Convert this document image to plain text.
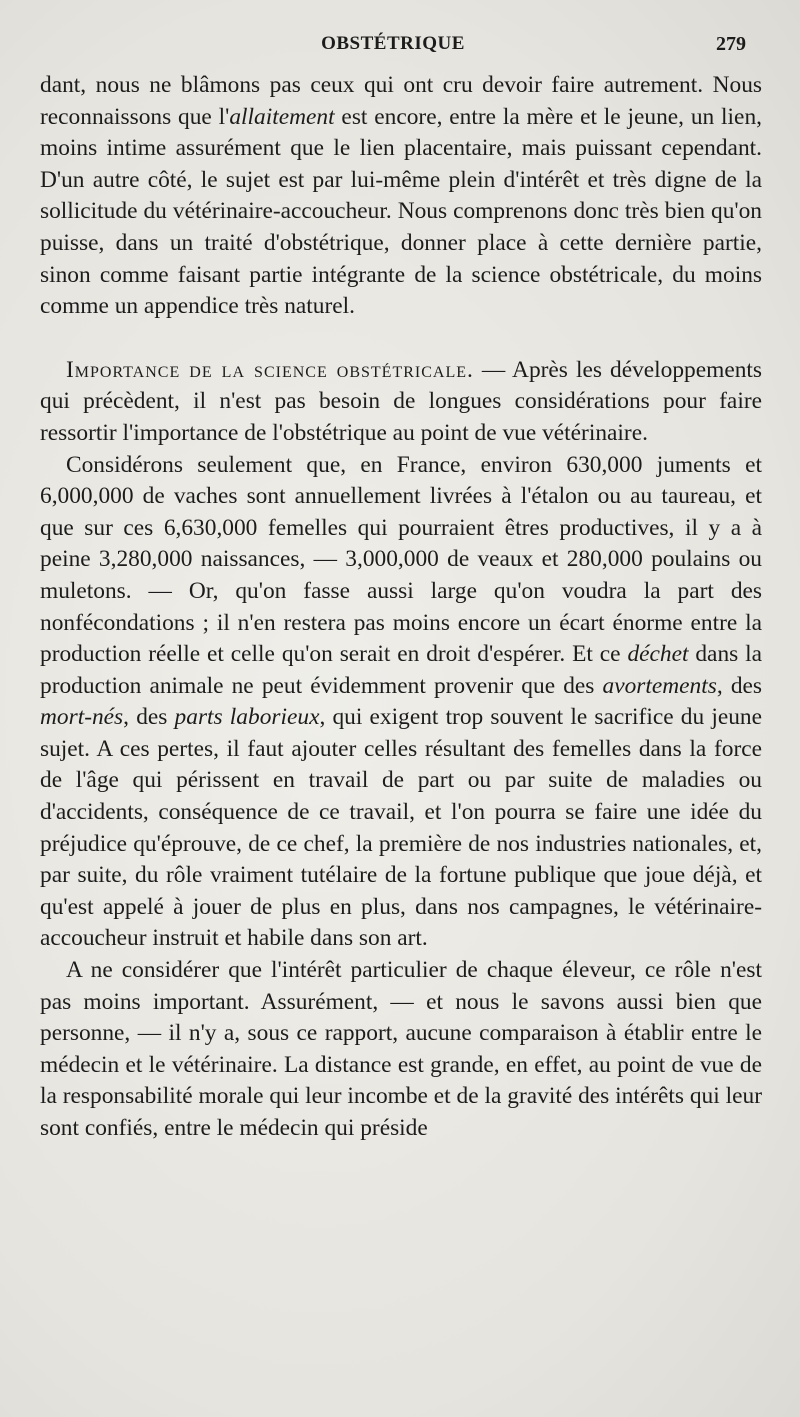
OBSTÉTRIQUE	279

dant, nous ne blâmons pas ceux qui ont cru devoir faire autrement. Nous reconnaissons que l'allaitement est encore, entre la mère et le jeune, un lien, moins intime assurément que le lien placentaire, mais puissant cependant. D'un autre côté, le sujet est par lui-même plein d'intérêt et très digne de la sollicitude du vétérinaire-accoucheur. Nous comprenons donc très bien qu'on puisse, dans un traité d'obstétrique, donner place à cette dernière partie, sinon comme faisant partie intégrante de la science obstétricale, du moins comme un appendice très naturel.

Importance de la science obstétricale. — Après les développements qui précèdent, il n'est pas besoin de longues considérations pour faire ressortir l'importance de l'obstétrique au point de vue vétérinaire.

Considérons seulement que, en France, environ 630,000 juments et 6,000,000 de vaches sont annuellement livrées à l'étalon ou au taureau, et que sur ces 6,630,000 femelles qui pourraient êtres productives, il y a à peine 3,280,000 naissances, — 3,000,000 de veaux et 280,000 poulains ou muletons. — Or, qu'on fasse aussi large qu'on voudra la part des nonfécondations ; il n'en restera pas moins encore un écart énorme entre la production réelle et celle qu'on serait en droit d'espérer. Et ce déchet dans la production animale ne peut évidemment provenir que des avortements, des mort-nés, des parts laborieux, qui exigent trop souvent le sacrifice du jeune sujet. A ces pertes, il faut ajouter celles résultant des femelles dans la force de l'âge qui périssent en travail de part ou par suite de maladies ou d'accidents, conséquence de ce travail, et l'on pourra se faire une idée du préjudice qu'éprouve, de ce chef, la première de nos industries nationales, et, par suite, du rôle vraiment tutélaire de la fortune publique que joue déjà, et qu'est appelé à jouer de plus en plus, dans nos campagnes, le vétérinaire-accoucheur instruit et habile dans son art.

A ne considérer que l'intérêt particulier de chaque éleveur, ce rôle n'est pas moins important. Assurément, — et nous le savons aussi bien que personne, — il n'y a, sous ce rapport, aucune comparaison à établir entre le médecin et le vétérinaire. La distance est grande, en effet, au point de vue de la responsabilité morale qui leur incombe et de la gravité des intérêts qui leur sont confiés, entre le médecin qui préside
